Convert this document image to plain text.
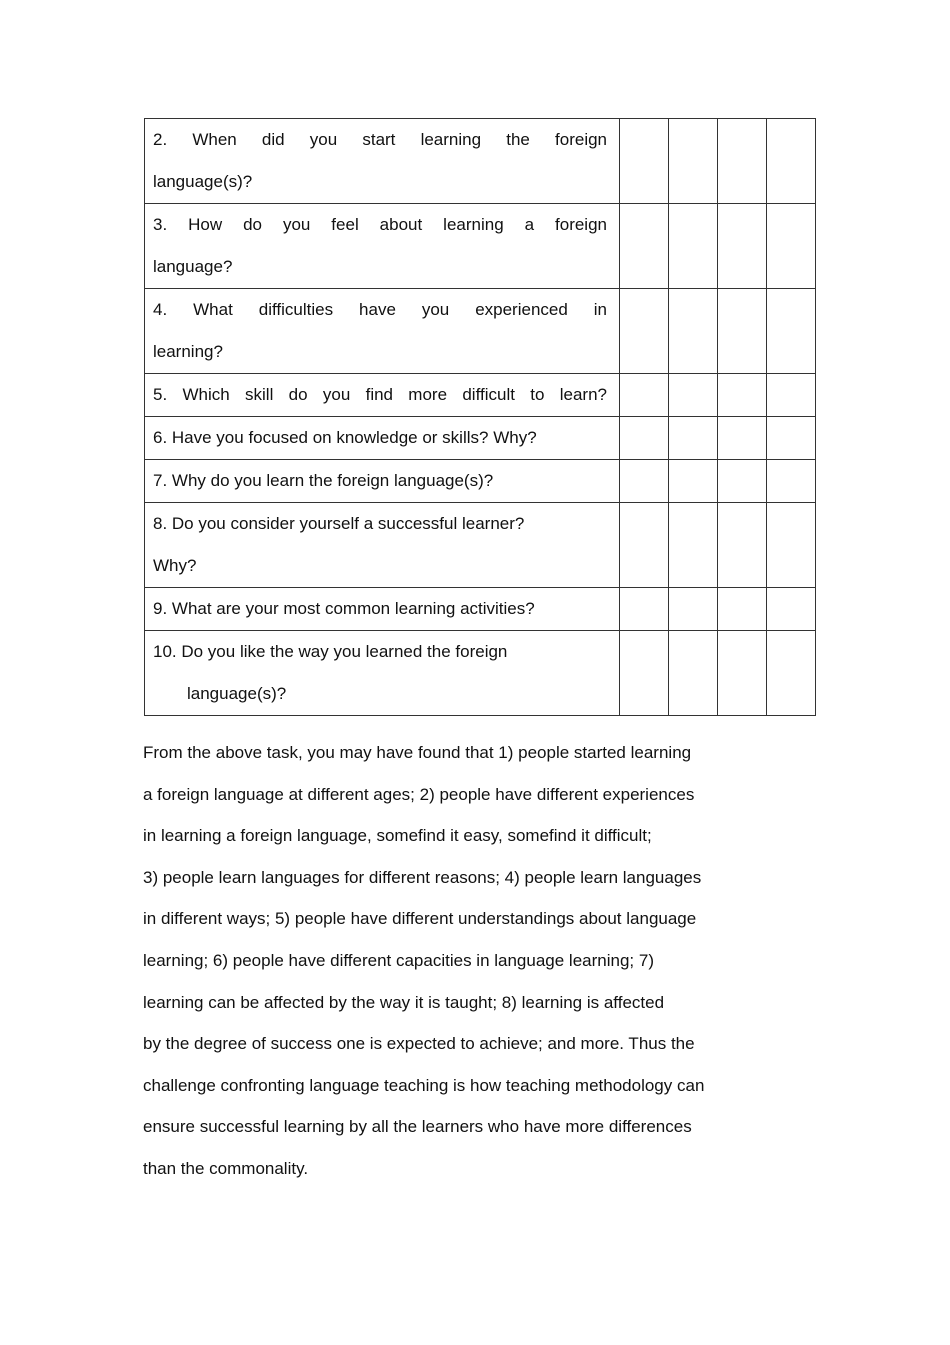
2. When did you start learning the foreign
language(s)?				

3. How do you feel about learning a foreign
language?				

4. What difficulties have you experienced in
learning?				

5. Which skill do you find more difficult to learn?				

6. Have you focused on knowledge or skills? Why?				

7. Why do you learn the foreign language(s)?				

8. Do you consider yourself a successful learner?
Why?				

9. What are your most common learning activities?				

10. Do you like the way you learned the foreign
language(s)?				

From the above task, you may have found that 1) people started learning
a foreign language at different ages; 2) people have different experiences
in learning a foreign language, somefind it easy, somefind it difficult;
3) people learn languages for different reasons; 4) people learn languages
in different ways; 5) people have different understandings about language
learning; 6) people have different capacities in language learning; 7)
learning can be affected by the way it is taught; 8) learning is affected
by the degree of success one is expected to achieve; and more. Thus the
challenge confronting language teaching is how teaching methodology can
ensure successful learning by all the learners who have more differences
than the commonality.
